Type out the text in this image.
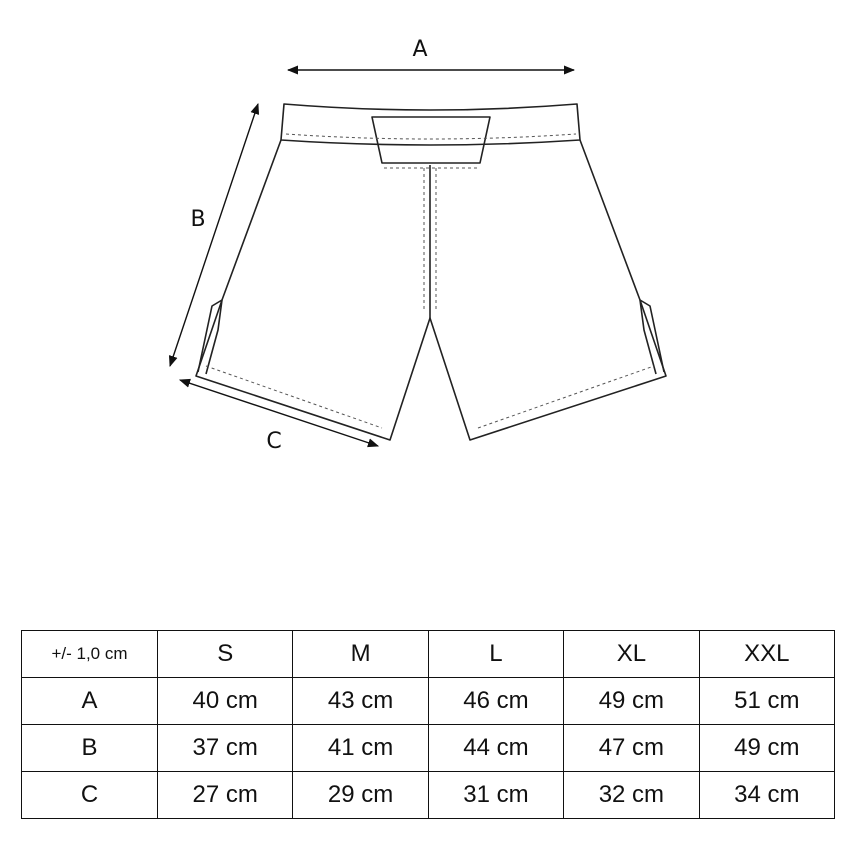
A
B
C
+/- 1,0 cm	S	M	L	XL	XXL
A	40 cm	43 cm	46 cm	49 cm	51 cm
B	37 cm	41 cm	44 cm	47 cm	49 cm
C	27 cm	29 cm	31 cm	32 cm	34 cm
